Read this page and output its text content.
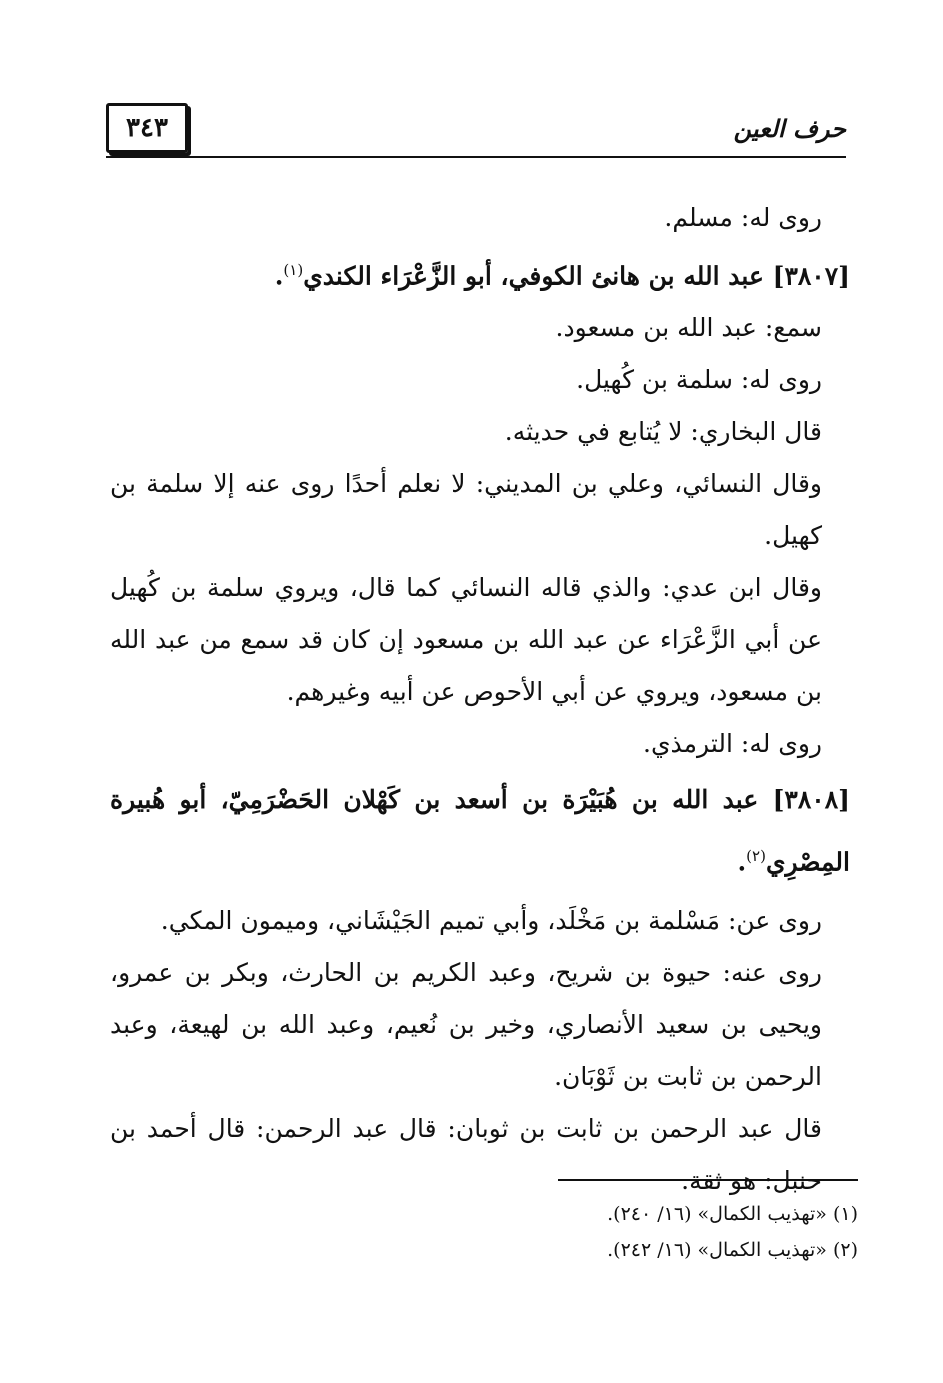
٣٤٣	حرف العين

روى له: مسلم.

[٣٨٠٧] عبد الله بن هانئ الكوفي، أبو الزَّعْرَاء الكندي$^{(١)}$.

سمع: عبد الله بن مسعود.

روى له: سلمة بن كُهيل.

قال البخاري: لا يُتابع في حديثه.

وقال النسائي، وعلي بن المديني: لا نعلم أحدًا روى عنه إلا سلمة بن كهيل.

وقال ابن عدي: والذي قاله النسائي كما قال، ويروي سلمة بن كُهيل عن أبي الزَّعْرَاء عن عبد الله بن مسعود إن كان قد سمع من عبد الله بن مسعود، ويروي عن أبي الأحوص عن أبيه وغيرهم.

روى له: الترمذي.

[٣٨٠٨] عبد الله بن هُبَيْرَة بن أسعد بن كَهْلان الحَضْرَمِيّ، أبو هُبيرة المِصْرِي$^{(٢)}$.

روى عن: مَسْلمة بن مَخْلَد، وأبي تميم الجَيْشَاني، وميمون المكي.

روى عنه: حيوة بن شريح، وعبد الكريم بن الحارث، وبكر بن عمرو، ويحيى بن سعيد الأنصاري، وخير بن نُعيم، وعبد الله بن لهيعة، وعبد الرحمن بن ثابت بن ثَوْبَان.

قال عبد الرحمن بن ثابت بن ثوبان: قال عبد الرحمن: قال أحمد بن حنبل: هو ثقة.

(١) «تهذيب الكمال» (١٦/ ٢٤٠).

(٢) «تهذيب الكمال» (١٦/ ٢٤٢).
